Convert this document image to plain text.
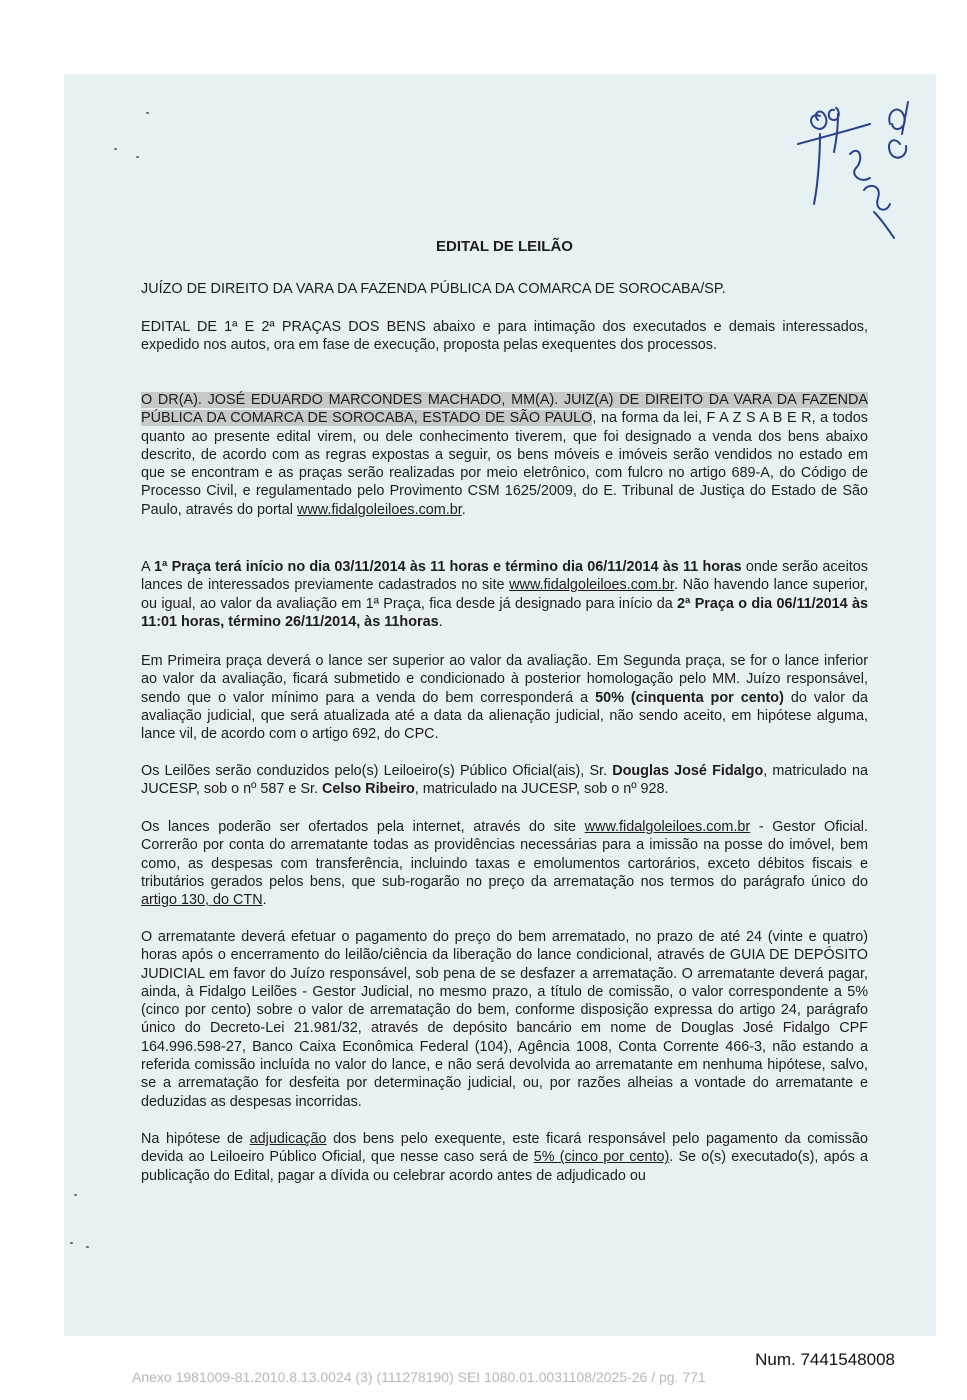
EDITAL DE LEILÃO

JUÍZO DE DIREITO DA VARA DA FAZENDA PÚBLICA DA COMARCA DE SOROCABA/SP.

EDITAL DE 1ª E 2ª PRAÇAS DOS BENS abaixo e para intimação dos executados e demais interessados, expedido nos autos, ora em fase de execução, proposta pelas exequentes dos processos.

O DR(A). JOSÉ EDUARDO MARCONDES MACHADO, MM(A). JUIZ(A) DE DIREITO DA VARA DA FAZENDA PÚBLICA DA COMARCA DE SOROCABA, ESTADO DE SÃO PAULO, na forma da lei, F A Z S A B E R, a todos quanto ao presente edital virem, ou dele conhecimento tiverem, que foi designado a venda dos bens abaixo descrito, de acordo com as regras expostas a seguir, os bens móveis e imóveis serão vendidos no estado em que se encontram e as praças serão realizadas por meio eletrônico, com fulcro no artigo 689-A, do Código de Processo Civil, e regulamentado pelo Provimento CSM 1625/2009, do E. Tribunal de Justiça do Estado de São Paulo, através do portal www.fidalgoleiloes.com.br.

A 1ª Praça terá início no dia 03/11/2014 às 11 horas e término dia 06/11/2014 às 11 horas onde serão aceitos lances de interessados previamente cadastrados no site www.fidalgoleiloes.com.br. Não havendo lance superior, ou igual, ao valor da avaliação em 1ª Praça, fica desde já designado para início da 2ª Praça o dia 06/11/2014 às 11:01 horas, término 26/11/2014, às 11horas.

Em Primeira praça deverá o lance ser superior ao valor da avaliação. Em Segunda praça, se for o lance inferior ao valor da avaliação, ficará submetido e condicionado à posterior homologação pelo MM. Juízo responsável, sendo que o valor mínimo para a venda do bem corresponderá a 50% (cinquenta por cento) do valor da avaliação judicial, que será atualizada até a data da alienação judicial, não sendo aceito, em hipótese alguma, lance vil, de acordo com o artigo 692, do CPC.

Os Leilões serão conduzidos pelo(s) Leiloeiro(s) Público Oficial(ais), Sr. Douglas José Fidalgo, matriculado na JUCESP, sob o nº 587 e Sr. Celso Ribeiro, matriculado na JUCESP, sob o nº 928.

Os lances poderão ser ofertados pela internet, através do site www.fidalgoleiloes.com.br - Gestor Oficial. Correrão por conta do arrematante todas as providências necessárias para a imissão na posse do imóvel, bem como, as despesas com transferência, incluindo taxas e emolumentos cartorários, exceto débitos fiscais e tributários gerados pelos bens, que sub-rogarão no preço da arrematação nos termos do parágrafo único do artigo 130, do CTN.

O arrematante deverá efetuar o pagamento do preço do bem arrematado, no prazo de até 24 (vinte e quatro) horas após o encerramento do leilão/ciência da liberação do lance condicional, através de GUIA DE DEPÓSITO JUDICIAL em favor do Juízo responsável, sob pena de se desfazer a arrematação. O arrematante deverá pagar, ainda, à Fidalgo Leilões - Gestor Judicial, no mesmo prazo, a título de comissão, o valor correspondente a 5% (cinco por cento) sobre o valor de arrematação do bem, conforme disposição expressa do artigo 24, parágrafo único do Decreto-Lei 21.981/32, através de depósito bancário em nome de Douglas José Fidalgo CPF 164.996.598-27, Banco Caixa Econômica Federal (104), Agência 1008, Conta Corrente 466-3, não estando a referida comissão incluída no valor do lance, e não será devolvida ao arrematante em nenhuma hipótese, salvo, se a arrematação for desfeita por determinação judicial, ou, por razões alheias a vontade do arrematante e deduzidas as despesas incorridas.

Na hipótese de adjudicação dos bens pelo exequente, este ficará responsável pelo pagamento da comissão devida ao Leiloeiro Público Oficial, que nesse caso será de 5% (cinco por cento). Se o(s) executado(s), após a publicação do Edital, pagar a dívida ou celebrar acordo antes de adjudicado ou

Num. 7441548008
Anexo 1981009-81.2010.8.13.0024 (3) (111278190) SEI 1080.01.0031108/2025-26 / pg. 771
